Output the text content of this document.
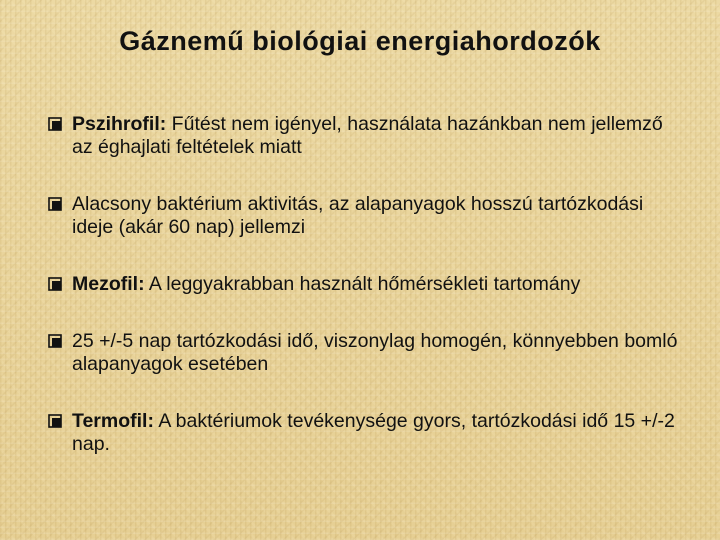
Gáznemű biológiai energiahordozók
Pszihrofil: Fűtést nem igényel, használata hazánkban nem jellemző az éghajlati feltételek miatt
Alacsony baktérium aktivitás, az alapanyagok hosszú tartózkodási ideje (akár 60 nap) jellemzi
Mezofil: A leggyakrabban használt hőmérsékleti tartomány
25 +/-5 nap tartózkodási idő, viszonylag homogén, könnyebben bomló alapanyagok esetében
Termofil: A baktériumok tevékenysége gyors, tartózkodási idő 15 +/-2 nap.
